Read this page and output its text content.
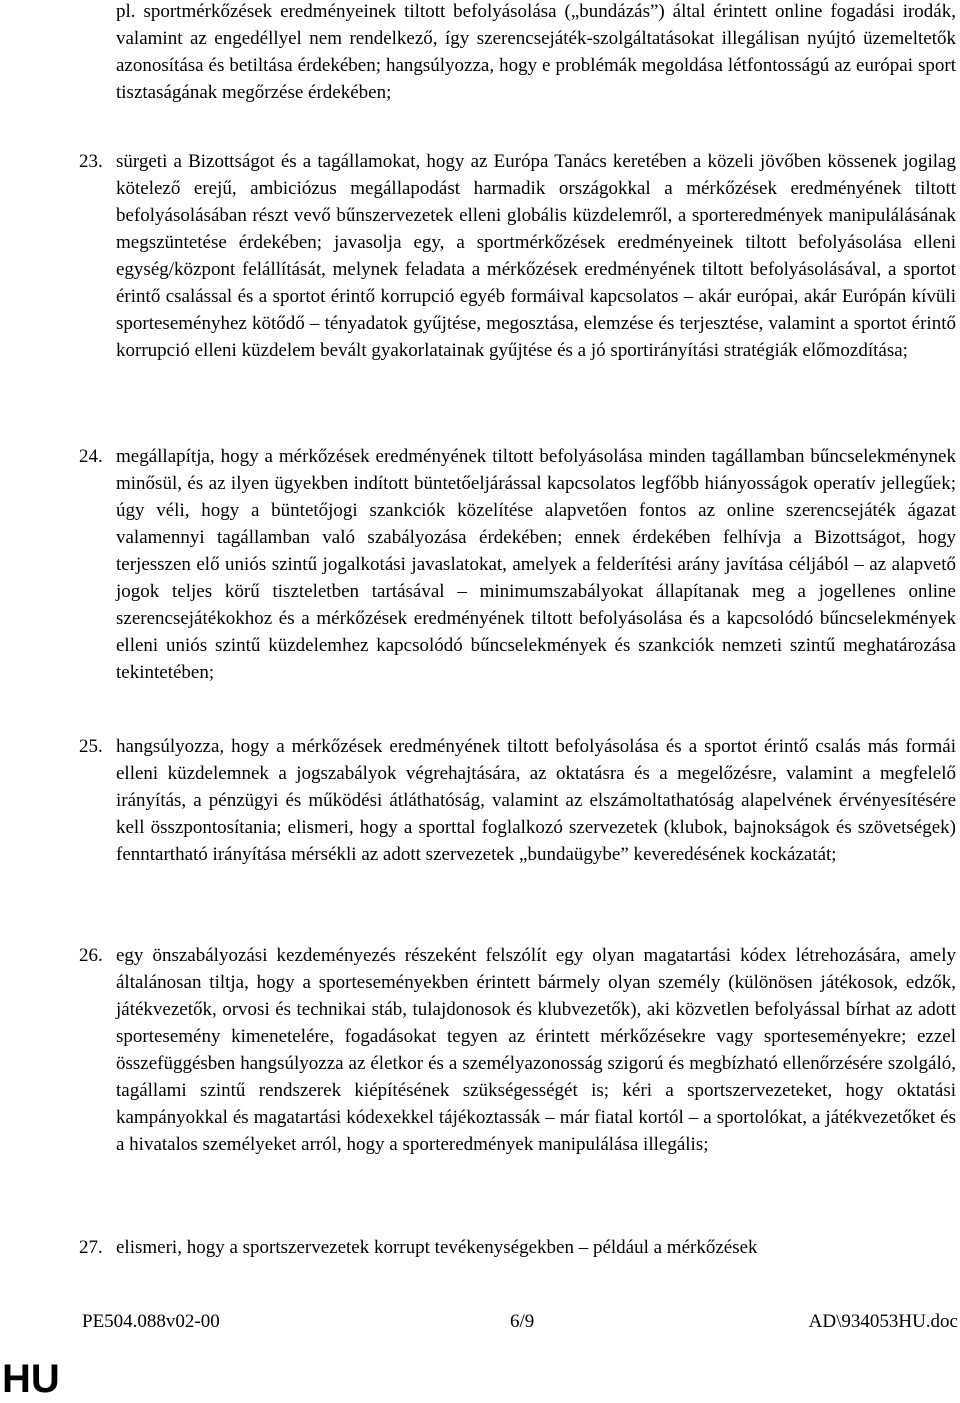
pl. sportmérkőzések eredményeinek tiltott befolyásolása („bundázás”) által érintett online fogadási irodák, valamint az engedéllyel nem rendelkező, így szerencsejáték-szolgáltatásokat illegálisan nyújtó üzemeltetők azonosítása és betiltása érdekében; hangsúlyozza, hogy e problémák megoldása létfontosságú az európai sport tisztaságának megőrzése érdekében;
23. sürgeti a Bizottságot és a tagállamokat, hogy az Európa Tanács keretében a közeli jövőben kössenek jogilag kötelező erejű, ambiciózus megállapodást harmadik országokkal a mérkőzések eredményének tiltott befolyásolásában részt vevő bűnszervezetek elleni globális küzdelemről, a sporteredmények manipulálásának megszüntetése érdekében; javasolja egy, a sportmérkőzések eredményeinek tiltott befolyásolása elleni egység/központ felállítását, melynek feladata a mérkőzések eredményének tiltott befolyásolásával, a sportot érintő csalással és a sportot érintő korrupció egyéb formáival kapcsolatos – akár európai, akár Európán kívüli sporteseményhez kötődő – tényadatok gyűjtése, megosztása, elemzése és terjesztése, valamint a sportot érintő korrupció elleni küzdelem bevált gyakorlatainak gyűjtése és a jó sportirányítási stratégiák előmozdítása;
24. megállapítja, hogy a mérkőzések eredményének tiltott befolyásolása minden tagállamban bűncselekménynek minősül, és az ilyen ügyekben indított büntetőeljárással kapcsolatos legfőbb hiányosságok operatív jellegűek; úgy véli, hogy a büntetőjogi szankciók közelítése alapvetően fontos az online szerencsejáték ágazat valamennyi tagállamban való szabályozása érdekében; ennek érdekében felhívja a Bizottságot, hogy terjesszen elő uniós szintű jogalkotási javaslatokat, amelyek a felderítési arány javítása céljából – az alapvető jogok teljes körű tiszteletben tartásával – minimumszabályokat állapítanak meg a jogellenes online szerencsejátékokhoz és a mérkőzések eredményének tiltott befolyásolása és a kapcsolódó bűncselekmények elleni uniós szintű küzdelemhez kapcsolódó bűncselekmények és szankciók nemzeti szintű meghatározása tekintetében;
25. hangsúlyozza, hogy a mérkőzések eredményének tiltott befolyásolása és a sportot érintő csalás más formái elleni küzdelemnek a jogszabályok végrehajtására, az oktatásra és a megelőzésre, valamint a megfelelő irányítás, a pénzügyi és működési átláthatóság, valamint az elszámoltathatóság alapelvének érvényesítésére kell összpontosítania; elismeri, hogy a sporttal foglalkozó szervezetek (klubok, bajnokságok és szövetségek) fenntartható irányítása mérsékli az adott szervezetek „bundaügybe” keveredésének kockázatát;
26. egy önszabályozási kezdeményezés részeként felszólít egy olyan magatartási kódex létrehozására, amely általánosan tiltja, hogy a sporteseményekben érintett bármely olyan személy (különösen játékosok, edzők, játékvezetők, orvosi és technikai stáb, tulajdonosok és klubvezetők), aki közvetlen befolyással bírhat az adott sportesemény kimenetelére, fogadásokat tegyen az érintett mérkőzésekre vagy sporteseményekre; ezzel összefüggésben hangsúlyozza az életkor és a személyazonosság szigorú és megbízható ellenőrzésére szolgáló, tagállami szintű rendszerek kiépítésének szükségességét is; kéri a sportszervezeteket, hogy oktatási kampányokkal és magatartási kódexekkel tájékoztassák – már fiatal kortól – a sportolókat, a játékvezetőket és a hivatalos személyeket arról, hogy a sporteredmények manipulálása illegális;
27. elismeri, hogy a sportszervezetek korrupt tevékenységekben – például a mérkőzések
PE504.088v02-00	6/9	AD\934053HU.doc
HU
